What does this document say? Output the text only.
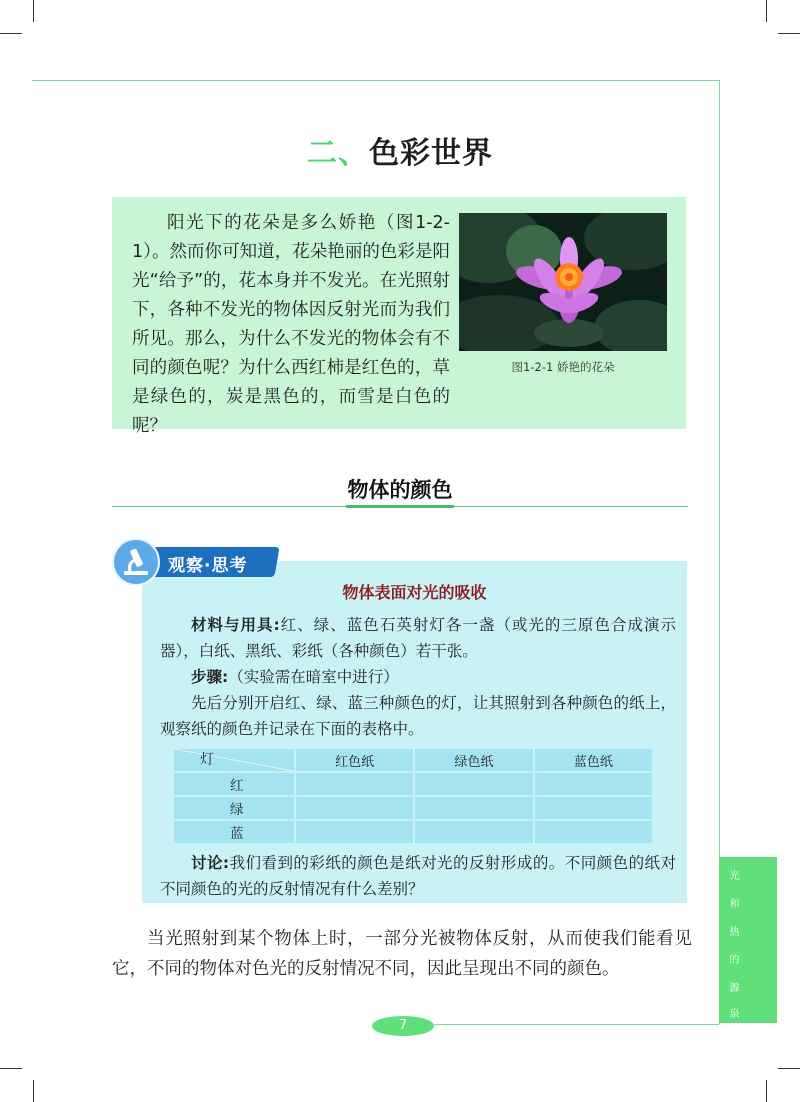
二、色彩世界
阳光下的花朵是多么娇艳（图1-2-1）。然而你可知道，花朵艳丽的色彩是阳光“给予”的，花本身并不发光。在光照射下，各种不发光的物体因反射光而为我们所见。那么，为什么不发光的物体会有不同的颜色呢？为什么西红柿是红色的，草是绿色的，炭是黑色的，而雪是白色的呢？
图1-2-1 娇艳的花朵
物体的颜色
观察·思考
物体表面对光的吸收
材料与用具:红、绿、蓝色石英射灯各一盏（或光的三原色合成演示器），白纸、黑纸、彩纸（各种颜色）若干张。
步骤:（实验需在暗室中进行）
先后分别开启红、绿、蓝三种颜色的灯，让其照射到各种颜色的纸上，观察纸的颜色并记录在下面的表格中。
灯	红色纸	绿色纸	蓝色纸
红			
绿			
蓝			
讨论:我们看到的彩纸的颜色是纸对光的反射形成的。不同颜色的纸对不同颜色的光的反射情况有什么差别？
当光照射到某个物体上时，一部分光被物体反射，从而使我们能看见它，不同的物体对色光的反射情况不同，因此呈现出不同的颜色。
7
光
和
热
的
源
泉
